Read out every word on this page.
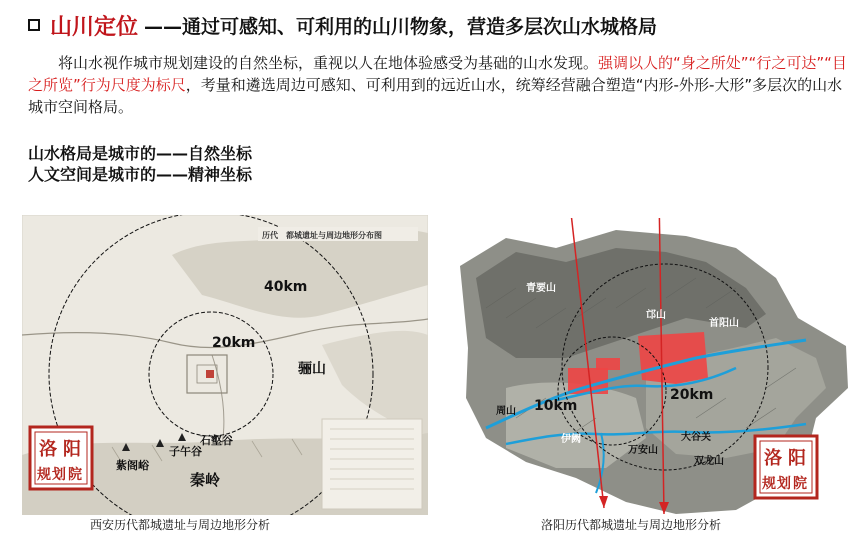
山川定位 ——通过可感知、可利用的山川物象，营造多层次山水城格局
将山水视作城市规划建设的自然坐标，重视以人在地体验感受为基础的山水发现。强调以人的“身之所处”“行之可达”“目之所览”行为尺度为标尺，考量和遴选周边可感知、可利用到的远近山水，统筹经营融合塑造“内形-外形-大形”多层次的山水城市空间格局。
山水格局是城市的——自然坐标
人文空间是城市的——精神坐标
历代　都城遗址与周边地形分布图
40km
20km
骊山
石壑谷
子午谷
紫阁峪
秦岭
洛 阳
规 划 院
西安历代都城遗址与周边地形分析
青要山
邙山
首阳山
周山 10km
20km
伊阙
万安山
大谷关
双龙山 洛 阳
规 划 院
洛阳历代都城遗址与周边地形分析
